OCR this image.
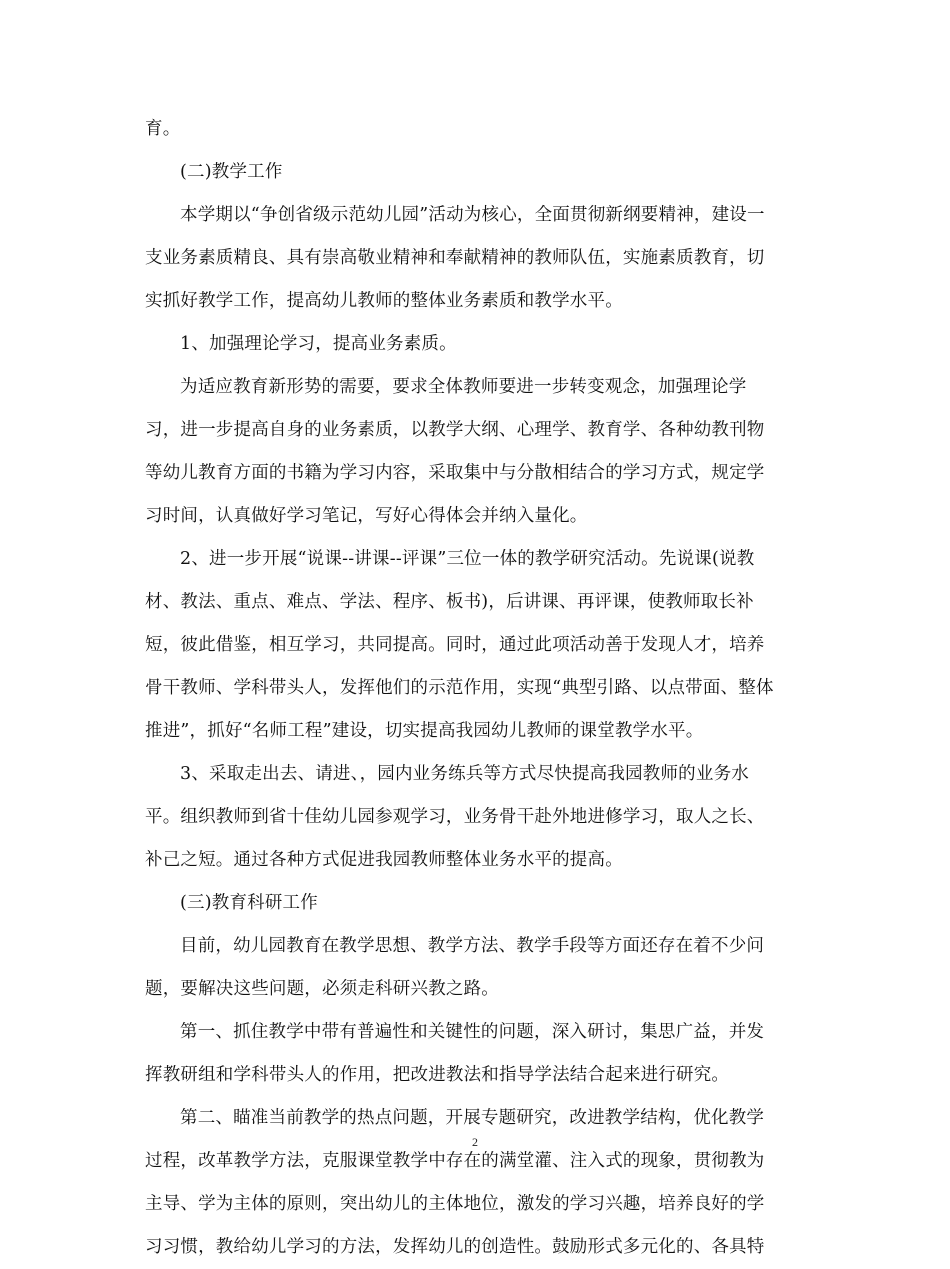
育。
(二)教学工作
本学期以“争创省级示范幼儿园”活动为核心，全面贯彻新纲要精神，建设一
支业务素质精良、具有崇高敬业精神和奉献精神的教师队伍，实施素质教育，切
实抓好教学工作，提高幼儿教师的整体业务素质和教学水平。
1、加强理论学习，提高业务素质。
为适应教育新形势的需要，要求全体教师要进一步转变观念，加强理论学
习，进一步提高自身的业务素质，以教学大纲、心理学、教育学、各种幼教刊物
等幼儿教育方面的书籍为学习内容，采取集中与分散相结合的学习方式，规定学
习时间，认真做好学习笔记，写好心得体会并纳入量化。
2、进一步开展“说课--讲课--评课”三位一体的教学研究活动。先说课(说教
材、教法、重点、难点、学法、程序、板书)，后讲课、再评课，使教师取长补
短，彼此借鉴，相互学习，共同提高。同时，通过此项活动善于发现人才，培养
骨干教师、学科带头人，发挥他们的示范作用，实现“典型引路、以点带面、整体
推进”，抓好“名师工程”建设，切实提高我园幼儿教师的课堂教学水平。
3、采取走出去、请进、，园内业务练兵等方式尽快提高我园教师的业务水
平。组织教师到省十佳幼儿园参观学习，业务骨干赴外地进修学习，取人之长、
补己之短。通过各种方式促进我园教师整体业务水平的提高。
(三)教育科研工作
目前，幼儿园教育在教学思想、教学方法、教学手段等方面还存在着不少问
题，要解决这些问题，必须走科研兴教之路。
第一、抓住教学中带有普遍性和关键性的问题，深入研讨，集思广益，并发
挥教研组和学科带头人的作用，把改进教法和指导学法结合起来进行研究。
第二、瞄准当前教学的热点问题，开展专题研究，改进教学结构，优化教学
过程，改革教学方法，克服课堂教学中存在的满堂灌、注入式的现象，贯彻教为
主导、学为主体的原则，突出幼儿的主体地位，激发的学习兴趣，培养良好的学
习习惯，教给幼儿学习的方法，发挥幼儿的创造性。鼓励形式多元化的、各具特
2
